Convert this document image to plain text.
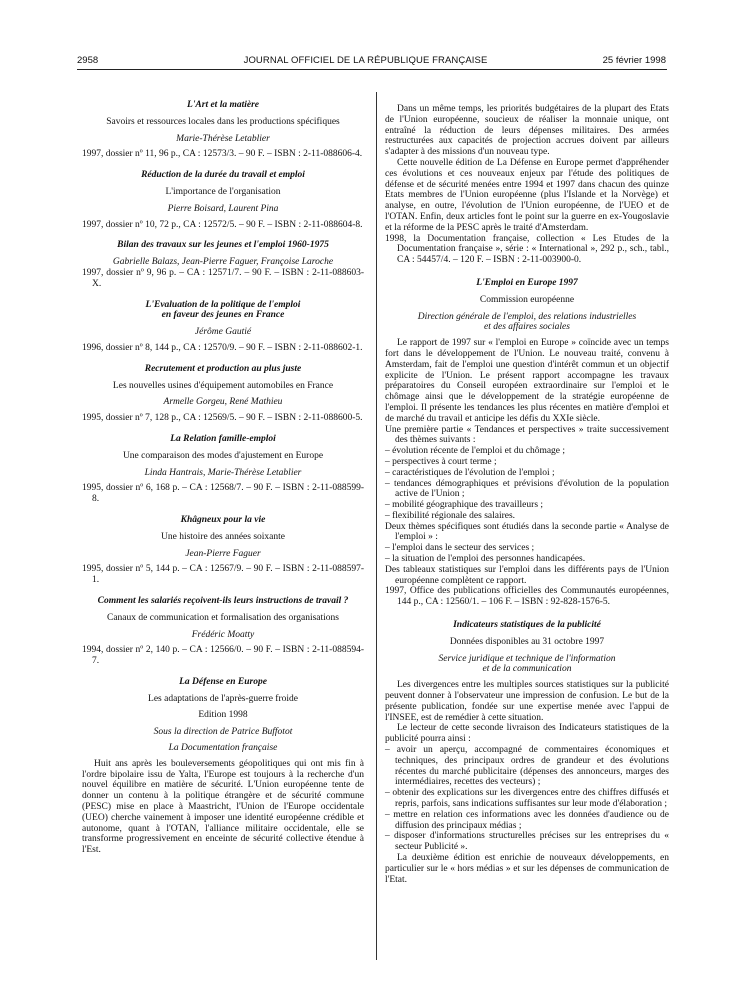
2958	JOURNAL OFFICIEL DE LA RÉPUBLIQUE FRANÇAISE	25 février 1998

L'Art et la matière

Savoirs et ressources locales dans les productions spécifiques

Marie-Thérèse Letablier

1997, dossier nº 11, 96 p., CA : 12573/3. – 90 F. – ISBN : 2-11-088606-4.

Réduction de la durée du travail et emploi

L'importance de l'organisation

Pierre Boisard, Laurent Pina

1997, dossier nº 10, 72 p., CA : 12572/5. – 90 F. – ISBN : 2-11-088604-8.

Bilan des travaux sur les jeunes et l'emploi 1960-1975

Gabrielle Balazs, Jean-Pierre Faguer, Françoise Laroche

1997, dossier nº 9, 96 p. – CA : 12571/7. – 90 F. – ISBN : 2-11-088603-X.

L'Evaluation de la politique de l'emploi

en faveur des jeunes en France

Jérôme Gautié

1996, dossier nº 8, 144 p., CA : 12570/9. – 90 F. – ISBN : 2-11-088602-1.

Recrutement et production au plus juste

Les nouvelles usines d'équipement automobiles en France

Armelle Gorgeu, René Mathieu

1995, dossier nº 7, 128 p., CA : 12569/5. – 90 F. – ISBN : 2-11-088600-5.

La Relation famille-emploi

Une comparaison des modes d'ajustement en Europe

Linda Hantrais, Marie-Thérèse Letablier

1995, dossier nº 6, 168 p. – CA : 12568/7. – 90 F. – ISBN : 2-11-088599-8.

Khâgneux pour la vie

Une histoire des années soixante

Jean-Pierre Faguer

1995, dossier nº 5, 144 p. – CA : 12567/9. – 90 F. – ISBN : 2-11-088597-1.

Comment les salariés reçoivent-ils leurs instructions de travail ?

Canaux de communication et formalisation des organisations

Frédéric Moatty

1994, dossier nº 2, 140 p. – CA : 12566/0. – 90 F. – ISBN : 2-11-088594-7.

La Défense en Europe

Les adaptations de l'après-guerre froide

Edition 1998

Sous la direction de Patrice Buffotot

La Documentation française

Huit ans après les bouleversements géopolitiques qui ont mis fin à l'ordre bipolaire issu de Yalta, l'Europe est toujours à la recherche d'un nouvel équilibre en matière de sécurité. L'Union européenne tente de donner un contenu à la politique étrangère et de sécurité commune (PESC) mise en place à Maastricht, l'Union de l'Europe occidentale (UEO) cherche vainement à imposer une identité européenne crédible et autonome, quant à l'OTAN, l'alliance militaire occidentale, elle se transforme progressivement en enceinte de sécurité collective étendue à l'Est.

Dans un même temps, les priorités budgétaires de la plupart des Etats de l'Union européenne, soucieux de réaliser la monnaie unique, ont entraîné la réduction de leurs dépenses militaires. Des armées restructurées aux capacités de projection accrues doivent par ailleurs s'adapter à des missions d'un nouveau type.

Cette nouvelle édition de La Défense en Europe permet d'appréhender ces évolutions et ces nouveaux enjeux par l'étude des politiques de défense et de sécurité menées entre 1994 et 1997 dans chacun des quinze Etats membres de l'Union européenne (plus l'Islande et la Norvège) et analyse, en outre, l'évolution de l'Union européenne, de l'UEO et de l'OTAN. Enfin, deux articles font le point sur la guerre en ex-Yougoslavie et la réforme de la PESC après le traité d'Amsterdam.

1998, la Documentation française, collection « Les Etudes de la Documentation française », série : « International », 292 p., sch., tabl., CA : 54457/4. – 120 F. – ISBN : 2-11-003900-0.

L'Emploi en Europe 1997

Commission européenne

Direction générale de l'emploi, des relations industrielles

et des affaires sociales

Le rapport de 1997 sur « l'emploi en Europe » coïncide avec un temps fort dans le développement de l'Union. Le nouveau traité, convenu à Amsterdam, fait de l'emploi une question d'intérêt commun et un objectif explicite de l'Union. Le présent rapport accompagne les travaux préparatoires du Conseil européen extraordinaire sur l'emploi et le chômage ainsi que le développement de la stratégie européenne de l'emploi. Il présente les tendances les plus récentes en matière d'emploi et de marché du travail et anticipe les défis du XXIe siècle.

Une première partie « Tendances et perspectives » traite successivement des thèmes suivants :

– évolution récente de l'emploi et du chômage ;
– perspectives à court terme ;
– caractéristiques de l'évolution de l'emploi ;
– tendances démographiques et prévisions d'évolution de la population active de l'Union ;
– mobilité géographique des travailleurs ;
– flexibilité régionale des salaires.

Deux thèmes spécifiques sont étudiés dans la seconde partie « Analyse de l'emploi » :

– l'emploi dans le secteur des services ;
– la situation de l'emploi des personnes handicapées.

Des tableaux statistiques sur l'emploi dans les différents pays de l'Union européenne complètent ce rapport.

1997, Office des publications officielles des Communautés européennes, 144 p., CA : 12560/1. – 106 F. – ISBN : 92-828-1576-5.

Indicateurs statistiques de la publicité

Données disponibles au 31 octobre 1997

Service juridique et technique de l'information

et de la communication

Les divergences entre les multiples sources statistiques sur la publicité peuvent donner à l'observateur une impression de confusion. Le but de la présente publication, fondée sur une expertise menée avec l'appui de l'INSEE, est de remédier à cette situation.

Le lecteur de cette seconde livraison des Indicateurs statistiques de la publicité pourra ainsi :

– avoir un aperçu, accompagné de commentaires économiques et techniques, des principaux ordres de grandeur et des évolutions récentes du marché publicitaire (dépenses des annonceurs, marges des intermédiaires, recettes des vecteurs) ;
– obtenir des explications sur les divergences entre des chiffres diffusés et repris, parfois, sans indications suffisantes sur leur mode d'élaboration ;
– mettre en relation ces informations avec les données d'audience ou de diffusion des principaux médias ;
– disposer d'informations structurelles précises sur les entreprises du « secteur Publicité ».

La deuxième édition est enrichie de nouveaux développements, en particulier sur le « hors médias » et sur les dépenses de communication de l'Etat.
